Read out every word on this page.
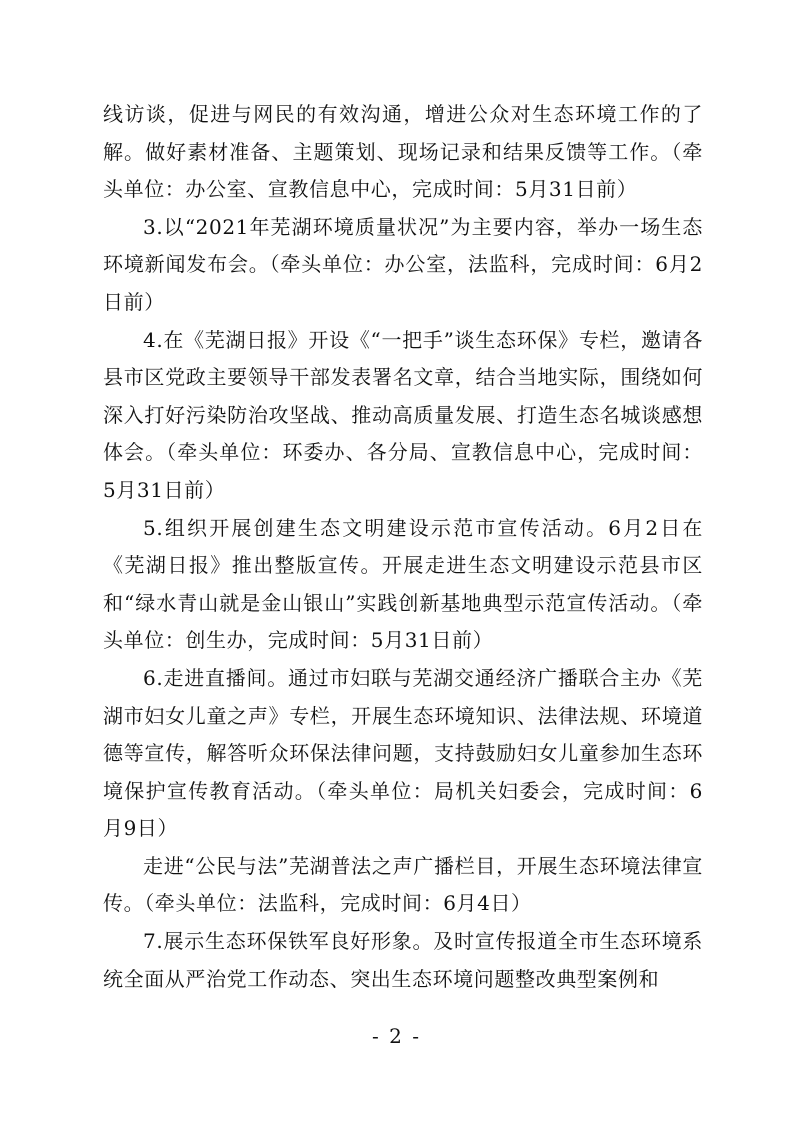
线访谈，促进与网民的有效沟通，增进公众对生态环境工作的了解。做好素材准备、主题策划、现场记录和结果反馈等工作。（牵头单位：办公室、宣教信息中心，完成时间：5月31日前）

3.以“2021年芜湖环境质量状况”为主要内容，举办一场生态环境新闻发布会。（牵头单位：办公室，法监科，完成时间：6月2日前）

4.在《芜湖日报》开设《“一把手”谈生态环保》专栏，邀请各县市区党政主要领导干部发表署名文章，结合当地实际，围绕如何深入打好污染防治攻坚战、推动高质量发展、打造生态名城谈感想体会。（牵头单位：环委办、各分局、宣教信息中心，完成时间：5月31日前）

5.组织开展创建生态文明建设示范市宣传活动。6月2日在《芜湖日报》推出整版宣传。开展走进生态文明建设示范县市区和“绿水青山就是金山银山”实践创新基地典型示范宣传活动。（牵头单位：创生办，完成时间：5月31日前）

6.走进直播间。通过市妇联与芜湖交通经济广播联合主办《芜湖市妇女儿童之声》专栏，开展生态环境知识、法律法规、环境道德等宣传，解答听众环保法律问题，支持鼓励妇女儿童参加生态环境保护宣传教育活动。（牵头单位：局机关妇委会，完成时间：6月9日）

走进“公民与法”芜湖普法之声广播栏目，开展生态环境法律宣传。（牵头单位：法监科，完成时间：6月4日）

7.展示生态环保铁军良好形象。及时宣传报道全市生态环境系统全面从严治党工作动态、突出生态环境问题整改典型案例和

- 2 -
